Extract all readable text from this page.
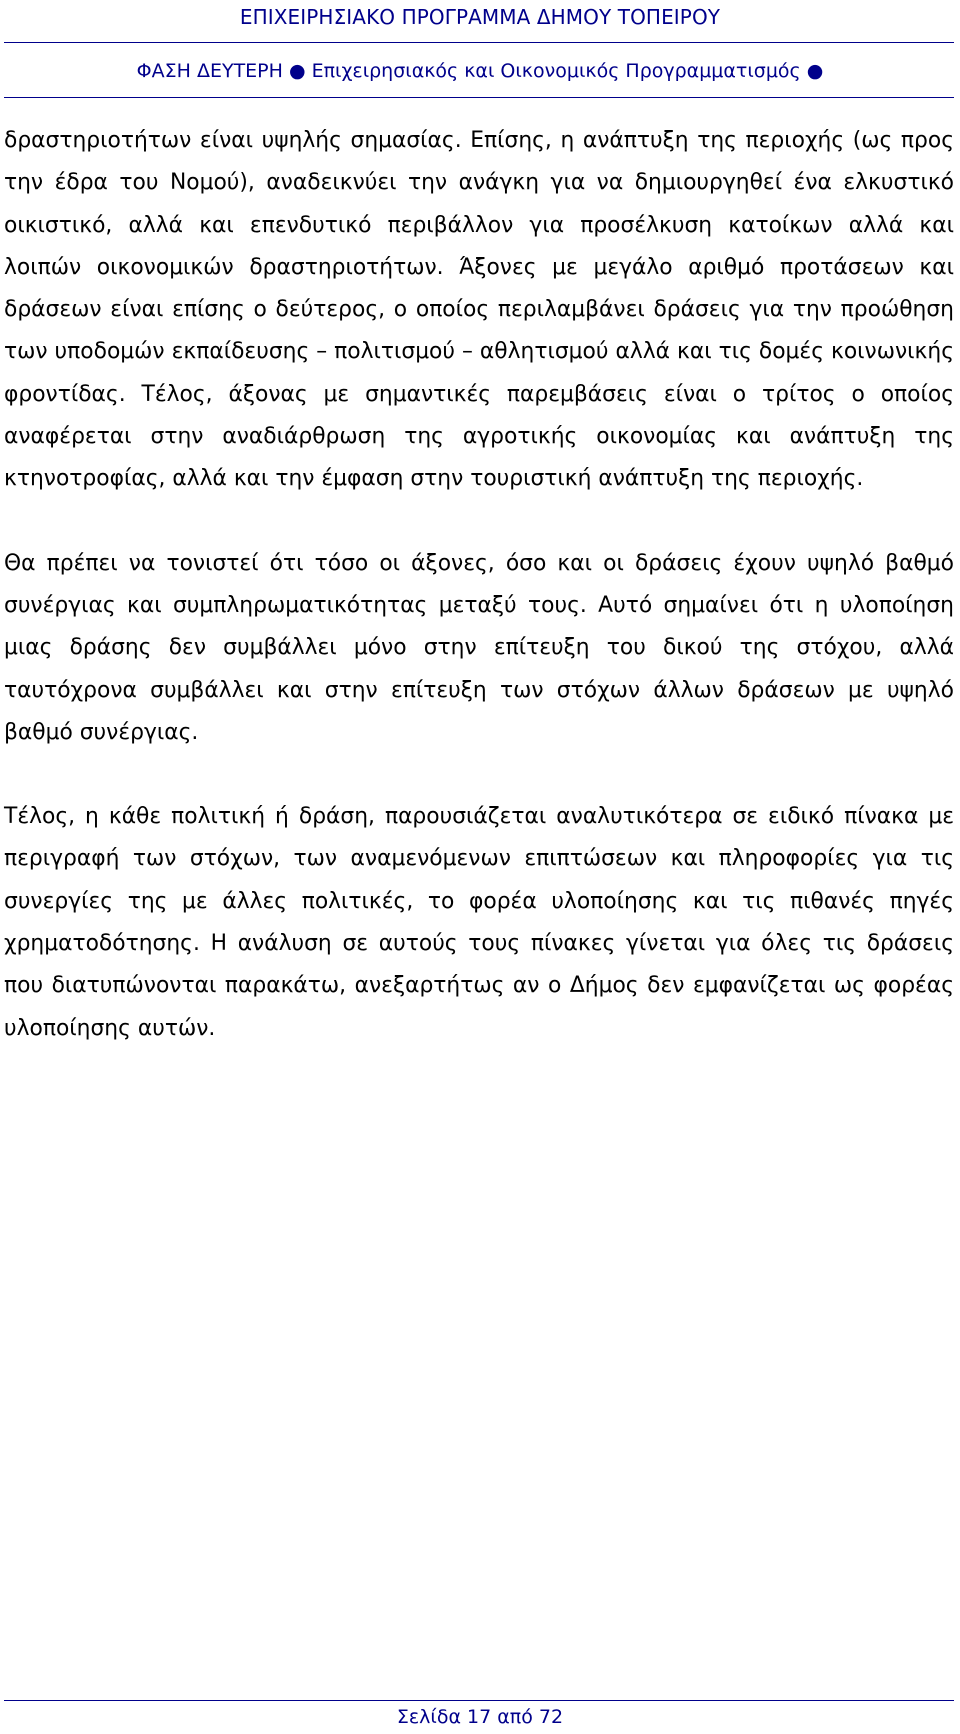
ΕΠΙΧΕΙΡΗΣΙΑΚΟ ΠΡΟΓΡΑΜΜΑ ΔΗΜΟΥ ΤΟΠΕΙΡΟΥ
ΦΑΣΗ ΔΕΥΤΕΡΗ ● Επιχειρησιακός και Οικονομικός Προγραμματισμός ●

δραστηριοτήτων είναι υψηλής σημασίας. Επίσης, η ανάπτυξη της περιοχής (ως προς την έδρα του Νομού), αναδεικνύει την ανάγκη για να δημιουργηθεί ένα ελκυστικό οικιστικό, αλλά και επενδυτικό περιβάλλον για προσέλκυση κατοίκων αλλά και λοιπών οικονομικών δραστηριοτήτων. Άξονες με μεγάλο αριθμό προτάσεων και δράσεων είναι επίσης ο δεύτερος, ο οποίος περιλαμβάνει δράσεις για την προώθηση των υποδομών εκπαίδευσης – πολιτισμού – αθλητισμού αλλά και τις δομές κοινωνικής φροντίδας. Τέλος, άξονας με σημαντικές παρεμβάσεις είναι ο τρίτος ο οποίος αναφέρεται στην αναδιάρθρωση της αγροτικής οικονομίας και ανάπτυξη της κτηνοτροφίας, αλλά και την έμφαση στην τουριστική ανάπτυξη της περιοχής.

Θα πρέπει να τονιστεί ότι τόσο οι άξονες, όσο και οι δράσεις έχουν υψηλό βαθμό συνέργιας και συμπληρωματικότητας μεταξύ τους. Αυτό σημαίνει ότι η υλοποίηση μιας δράσης δεν συμβάλλει μόνο στην επίτευξη του δικού της στόχου, αλλά ταυτόχρονα συμβάλλει και στην επίτευξη των στόχων άλλων δράσεων με υψηλό βαθμό συνέργιας.

Τέλος, η κάθε πολιτική ή δράση, παρουσιάζεται αναλυτικότερα σε ειδικό πίνακα με περιγραφή των στόχων, των αναμενόμενων επιπτώσεων και πληροφορίες για τις συνεργίες της με άλλες πολιτικές, το φορέα υλοποίησης και τις πιθανές πηγές χρηματοδότησης. Η ανάλυση σε αυτούς τους πίνακες γίνεται για όλες τις δράσεις που διατυπώνονται παρακάτω, ανεξαρτήτως αν ο Δήμος δεν εμφανίζεται ως φορέας υλοποίησης αυτών.

Σελίδα 17 από 72
